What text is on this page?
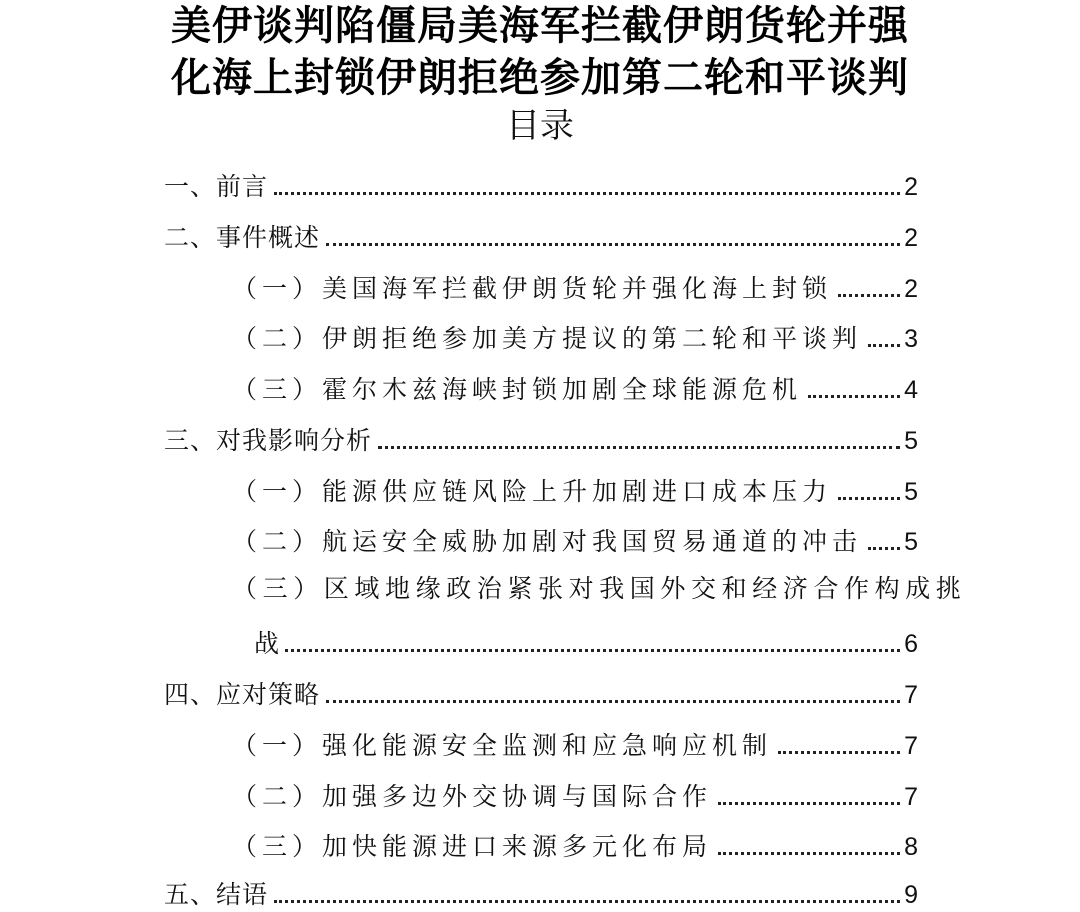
美伊谈判陷僵局美海军拦截伊朗货轮并强
化海上封锁伊朗拒绝参加第二轮和平谈判
目录
一、前言	2
二、事件概述	2
（一）美国海军拦截伊朗货轮并强化海上封锁	2
（二）伊朗拒绝参加美方提议的第二轮和平谈判 3
（三）霍尔木兹海峡封锁加剧全球能源危机	4
三、对我影响分析	5
（一）能源供应链风险上升加剧进口成本压力	5
（二）航运安全威胁加剧对我国贸易通道的冲击 5
（三）区域地缘政治紧张对我国外交和经济合作构成挑
战	6
四、应对策略	7
（一）强化能源安全监测和应急响应机制	7
（二）加强多边外交协调与国际合作	7
（三）加快能源进口来源多元化布局	8
五、结语	9
